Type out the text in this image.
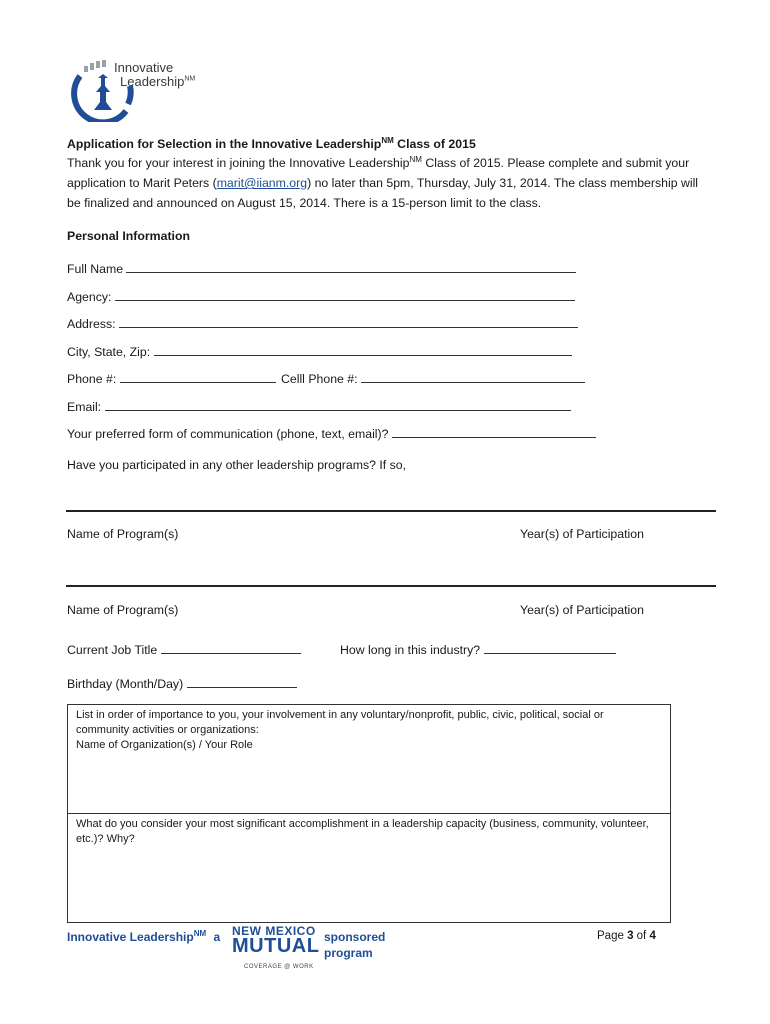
Innovative
Leadership$^{NM}$
Application for Selection in the Innovative Leadership$^{NM}$ Class of 2015
Thank you for your interest in joining the Innovative Leadership$^{NM}$ Class of 2015. Please complete and submit your
application to Marit Peters (marit@iianm.org) no later than 5pm, Thursday, July 31, 2014. The class membership will
be finalized and announced on August 15, 2014. There is a 15-person limit to the class.
Personal Information
Full Name
Agency:
Address:
City, State, Zip:
Phone #:	Celll Phone #:
Email:
Your preferred form of communication (phone, text, email)?
Have you participated in any other leadership programs? If so,
Name of Program(s)	Year(s) of Participation
Name of Program(s)	Year(s) of Participation
Current Job Title	How long in this industry?
Birthday (Month/Day)
List in order of importance to you, your involvement in any voluntary/nonprofit, public, civic, political, social or
community activities or organizations:
Name of Organization(s) / Your Role
What do you consider your most significant accomplishment in a leadership capacity (business, community, volunteer,
etc.)? Why?
Innovative Leadership$^{NM}$ a NEW MEXICO
MUTUAL
COVERAGE @ WORK
sponsored
program
Page 3 of 4
